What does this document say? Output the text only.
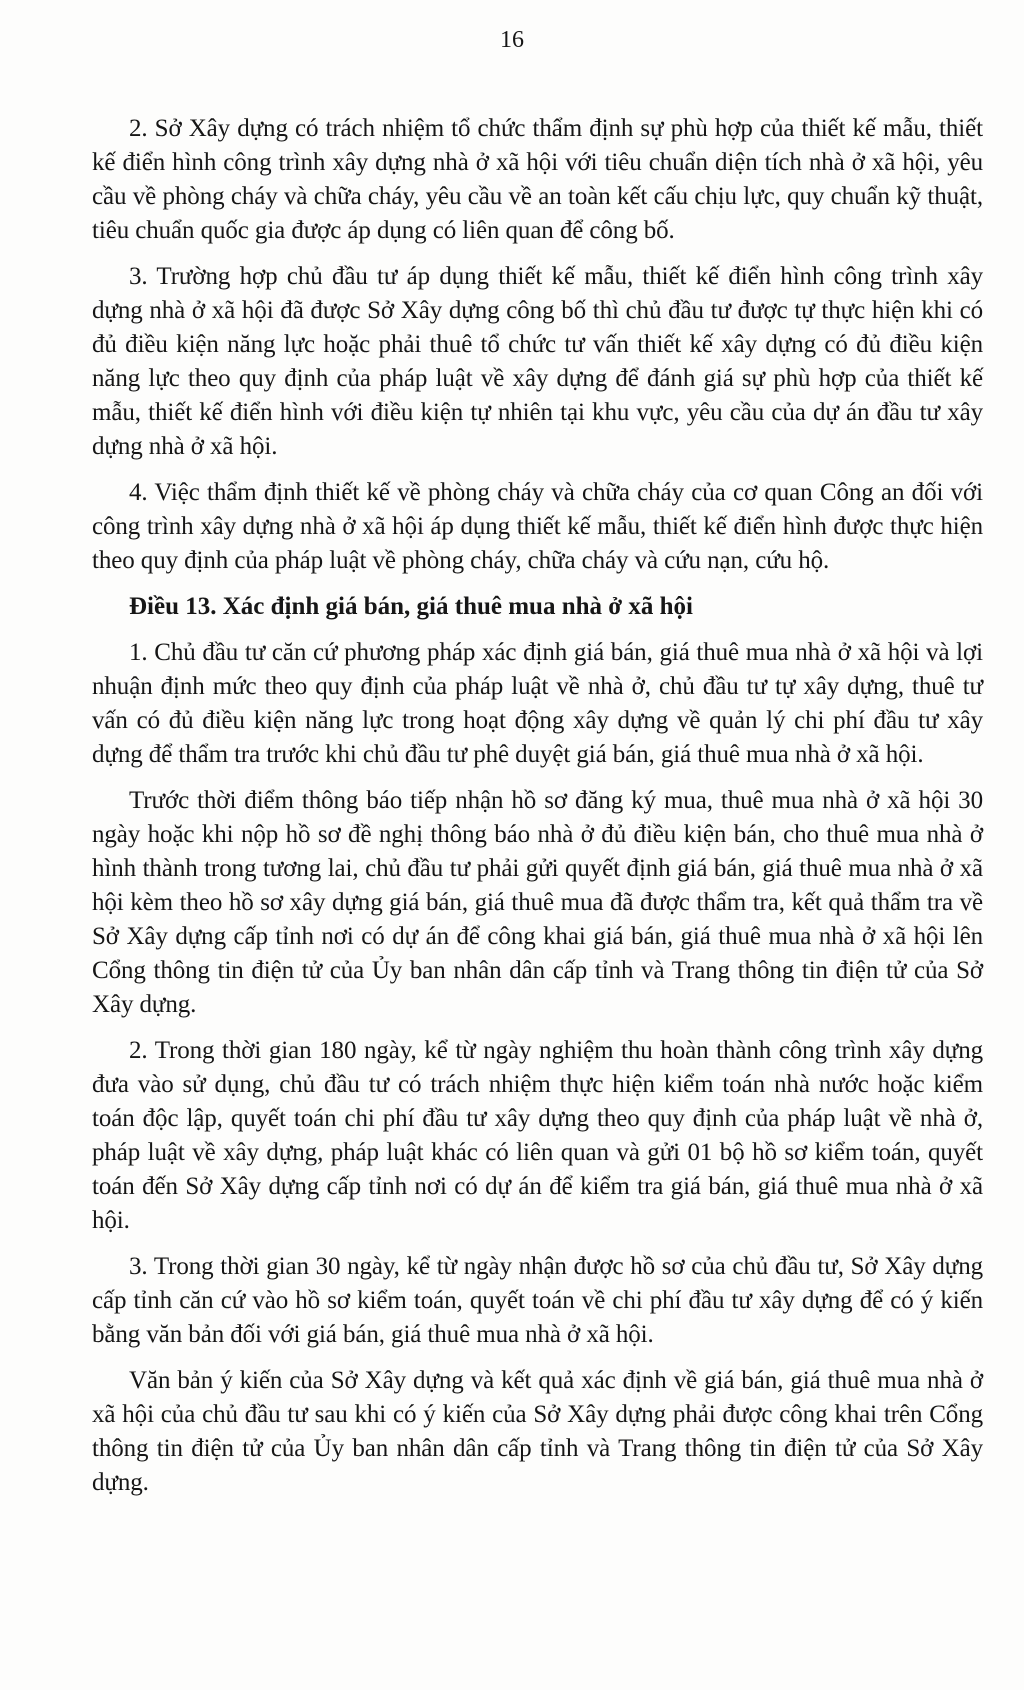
16

2. Sở Xây dựng có trách nhiệm tổ chức thẩm định sự phù hợp của thiết kế mẫu, thiết kế điển hình công trình xây dựng nhà ở xã hội với tiêu chuẩn diện tích nhà ở xã hội, yêu cầu về phòng cháy và chữa cháy, yêu cầu về an toàn kết cấu chịu lực, quy chuẩn kỹ thuật, tiêu chuẩn quốc gia được áp dụng có liên quan để công bố.

3. Trường hợp chủ đầu tư áp dụng thiết kế mẫu, thiết kế điển hình công trình xây dựng nhà ở xã hội đã được Sở Xây dựng công bố thì chủ đầu tư được tự thực hiện khi có đủ điều kiện năng lực hoặc phải thuê tổ chức tư vấn thiết kế xây dựng có đủ điều kiện năng lực theo quy định của pháp luật về xây dựng để đánh giá sự phù hợp của thiết kế mẫu, thiết kế điển hình với điều kiện tự nhiên tại khu vực, yêu cầu của dự án đầu tư xây dựng nhà ở xã hội.

4. Việc thẩm định thiết kế về phòng cháy và chữa cháy của cơ quan Công an đối với công trình xây dựng nhà ở xã hội áp dụng thiết kế mẫu, thiết kế điển hình được thực hiện theo quy định của pháp luật về phòng cháy, chữa cháy và cứu nạn, cứu hộ.

Điều 13. Xác định giá bán, giá thuê mua nhà ở xã hội

1. Chủ đầu tư căn cứ phương pháp xác định giá bán, giá thuê mua nhà ở xã hội và lợi nhuận định mức theo quy định của pháp luật về nhà ở, chủ đầu tư tự xây dựng, thuê tư vấn có đủ điều kiện năng lực trong hoạt động xây dựng về quản lý chi phí đầu tư xây dựng để thẩm tra trước khi chủ đầu tư phê duyệt giá bán, giá thuê mua nhà ở xã hội.

Trước thời điểm thông báo tiếp nhận hồ sơ đăng ký mua, thuê mua nhà ở xã hội 30 ngày hoặc khi nộp hồ sơ đề nghị thông báo nhà ở đủ điều kiện bán, cho thuê mua nhà ở hình thành trong tương lai, chủ đầu tư phải gửi quyết định giá bán, giá thuê mua nhà ở xã hội kèm theo hồ sơ xây dựng giá bán, giá thuê mua đã được thẩm tra, kết quả thẩm tra về Sở Xây dựng cấp tỉnh nơi có dự án để công khai giá bán, giá thuê mua nhà ở xã hội lên Cổng thông tin điện tử của Ủy ban nhân dân cấp tỉnh và Trang thông tin điện tử của Sở Xây dựng.

2. Trong thời gian 180 ngày, kể từ ngày nghiệm thu hoàn thành công trình xây dựng đưa vào sử dụng, chủ đầu tư có trách nhiệm thực hiện kiểm toán nhà nước hoặc kiểm toán độc lập, quyết toán chi phí đầu tư xây dựng theo quy định của pháp luật về nhà ở, pháp luật về xây dựng, pháp luật khác có liên quan và gửi 01 bộ hồ sơ kiểm toán, quyết toán đến Sở Xây dựng cấp tỉnh nơi có dự án để kiểm tra giá bán, giá thuê mua nhà ở xã hội.

3. Trong thời gian 30 ngày, kể từ ngày nhận được hồ sơ của chủ đầu tư, Sở Xây dựng cấp tỉnh căn cứ vào hồ sơ kiểm toán, quyết toán về chi phí đầu tư xây dựng để có ý kiến bằng văn bản đối với giá bán, giá thuê mua nhà ở xã hội.

Văn bản ý kiến của Sở Xây dựng và kết quả xác định về giá bán, giá thuê mua nhà ở xã hội của chủ đầu tư sau khi có ý kiến của Sở Xây dựng phải được công khai trên Cổng thông tin điện tử của Ủy ban nhân dân cấp tỉnh và Trang thông tin điện tử của Sở Xây dựng.
